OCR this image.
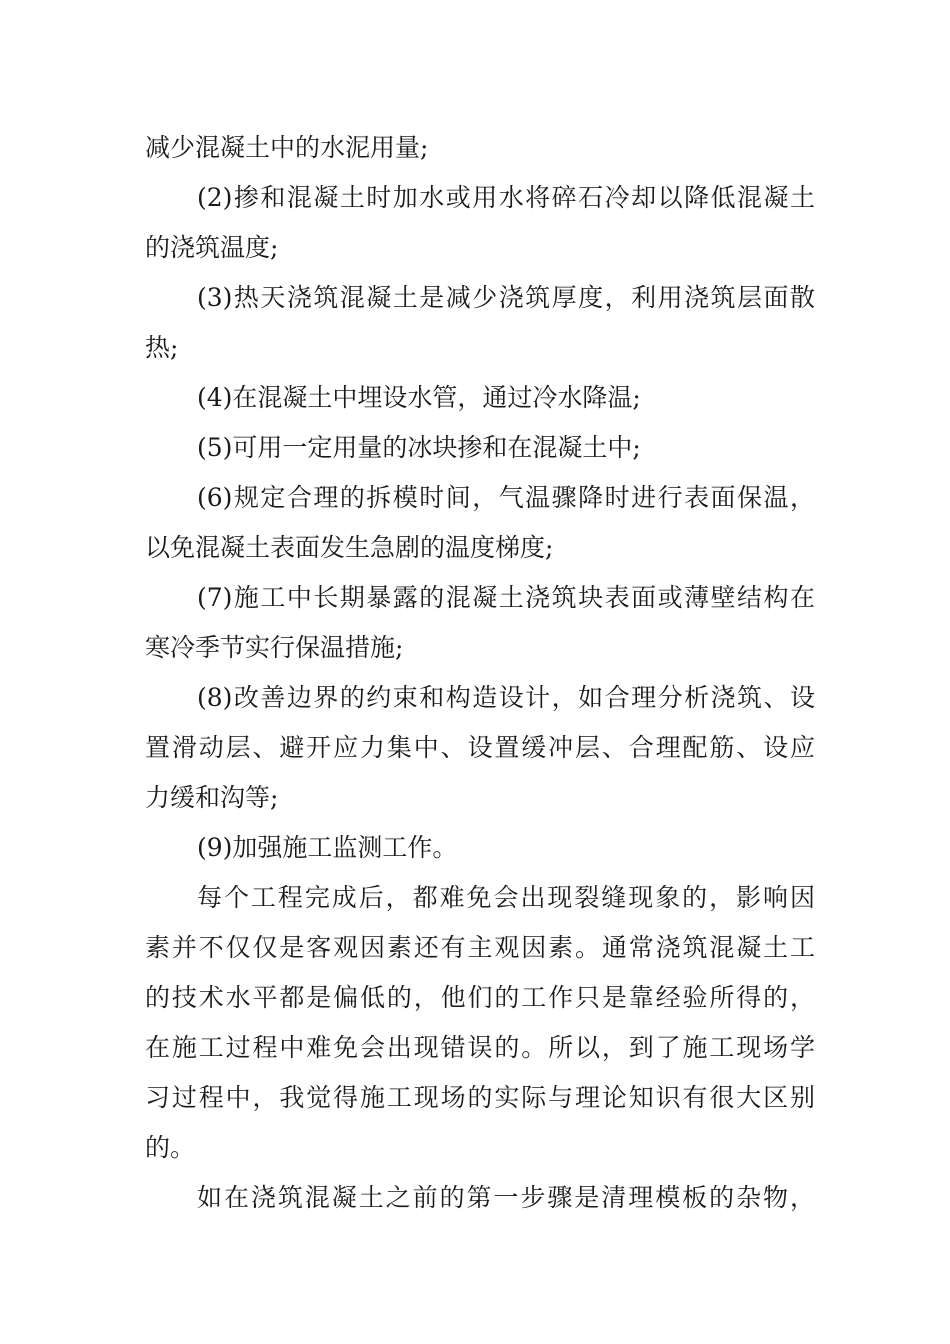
减少混凝土中的水泥用量;
(2)掺和混凝土时加水或用水将碎石冷却以降低混凝土
的浇筑温度;
(3)热天浇筑混凝土是减少浇筑厚度，利用浇筑层面散
热;
(4)在混凝土中埋设水管，通过冷水降温;
(5)可用一定用量的冰块掺和在混凝土中;
(6)规定合理的拆模时间，气温骤降时进行表面保温，
以免混凝土表面发生急剧的温度梯度;
(7)施工中长期暴露的混凝土浇筑块表面或薄壁结构在
寒冷季节实行保温措施;
(8)改善边界的约束和构造设计，如合理分析浇筑、设
置滑动层、避开应力集中、设置缓冲层、合理配筋、设应
力缓和沟等;
(9)加强施工监测工作。
每个工程完成后，都难免会出现裂缝现象的，影响因
素并不仅仅是客观因素还有主观因素。通常浇筑混凝土工
的技术水平都是偏低的，他们的工作只是靠经验所得的，
在施工过程中难免会出现错误的。所以，到了施工现场学
习过程中，我觉得施工现场的实际与理论知识有很大区别
的。
如在浇筑混凝土之前的第一步骤是清理模板的杂物，
